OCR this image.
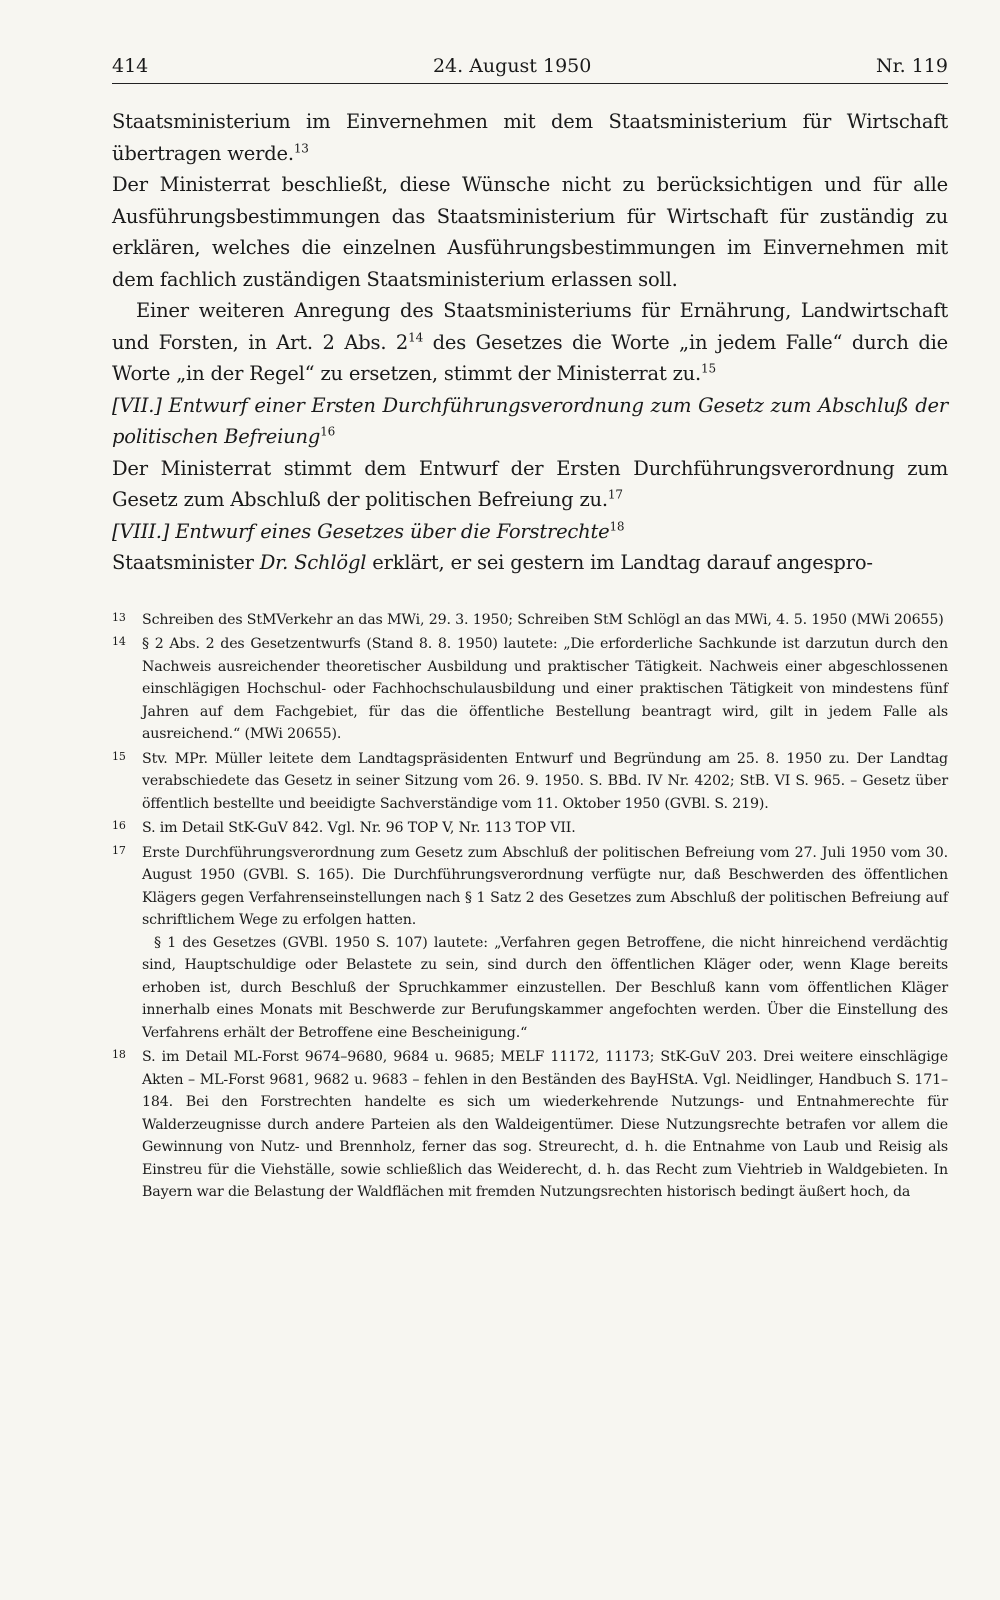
414	24. August 1950	Nr. 119

Staatsministerium im Einvernehmen mit dem Staatsministerium für Wirtschaft übertragen werde.$^{13}$

Der Ministerrat beschließt, diese Wünsche nicht zu berücksichtigen und für alle Ausführungsbestimmungen das Staatsministerium für Wirtschaft für zuständig zu erklären, welches die einzelnen Ausführungsbestimmungen im Einvernehmen mit dem fachlich zuständigen Staatsministerium erlassen soll.

Einer weiteren Anregung des Staatsministeriums für Ernährung, Landwirtschaft und Forsten, in Art. 2 Abs. $2^{14}$ des Gesetzes die Worte „in jedem Falle“ durch die Worte „in der Regel“ zu ersetzen, stimmt der Ministerrat zu.$^{15}$

[VII.] Entwurf einer Ersten Durchführungsverordnung zum Gesetz zum Abschluß der politischen Befreiung$^{16}$

Der Ministerrat stimmt dem Entwurf der Ersten Durchführungsverordnung zum Gesetz zum Abschluß der politischen Befreiung zu.$^{17}$

[VIII.] Entwurf eines Gesetzes über die Forstrechte$^{18}$

Staatsminister Dr. Schlögl erklärt, er sei gestern im Landtag darauf angespro-

13	Schreiben des StMVerkehr an das MWi, 29. 3. 1950; Schreiben StM Schlögl an das MWi, 4. 5. 1950 (MWi 20655)

14	§ 2 Abs. 2 des Gesetzentwurfs (Stand 8. 8. 1950) lautete: „Die erforderliche Sachkunde ist darzutun durch den Nachweis ausreichender theoretischer Ausbildung und praktischer Tätigkeit. Nachweis einer abgeschlossenen einschlägigen Hochschul- oder Fachhochschulausbildung und einer praktischen Tätigkeit von mindestens fünf Jahren auf dem Fachgebiet, für das die öffentliche Bestellung beantragt wird, gilt in jedem Falle als ausreichend.“ (MWi 20655).

15	Stv. MPr. Müller leitete dem Landtagspräsidenten Entwurf und Begründung am 25. 8. 1950 zu. Der Landtag verabschiedete das Gesetz in seiner Sitzung vom 26. 9. 1950. S. BBd. IV Nr. 4202; StB. VI S. 965. – Gesetz über öffentlich bestellte und beeidigte Sachverständige vom 11. Oktober 1950 (GVBl. S. 219).

16	S. im Detail StK-GuV 842. Vgl. Nr. 96 TOP V, Nr. 113 TOP VII.

17	Erste Durchführungsverordnung zum Gesetz zum Abschluß der politischen Befreiung vom 27. Juli 1950 vom 30. August 1950 (GVBl. S. 165). Die Durchführungsverordnung verfügte nur, daß Beschwerden des öffentlichen Klägers gegen Verfahrenseinstellungen nach § 1 Satz 2 des Gesetzes zum Abschluß der politischen Befreiung auf schriftlichem Wege zu erfolgen hatten.

§ 1 des Gesetzes (GVBl. 1950 S. 107) lautete: „Verfahren gegen Betroffene, die nicht hinreichend verdächtig sind, Hauptschuldige oder Belastete zu sein, sind durch den öffentlichen Kläger oder, wenn Klage bereits erhoben ist, durch Beschluß der Spruchkammer einzustellen. Der Beschluß kann vom öffentlichen Kläger innerhalb eines Monats mit Beschwerde zur Berufungskammer angefochten werden. Über die Einstellung des Verfahrens erhält der Betroffene eine Bescheinigung.“

18	S. im Detail ML-Forst 9674–9680, 9684 u. 9685; MELF 11172, 11173; StK-GuV 203. Drei weitere einschlägige Akten – ML-Forst 9681, 9682 u. 9683 – fehlen in den Beständen des BayHStA. Vgl. Neidlinger, Handbuch S. 171–184. Bei den Forstrechten handelte es sich um wiederkehrende Nutzungs- und Entnahmerechte für Walderzeugnisse durch andere Parteien als den Waldeigentümer. Diese Nutzungsrechte betrafen vor allem die Gewinnung von Nutz- und Brennholz, ferner das sog. Streurecht, d. h. die Entnahme von Laub und Reisig als Einstreu für die Viehställe, sowie schließlich das Weiderecht, d. h. das Recht zum Viehtrieb in Waldgebieten. In Bayern war die Belastung der Waldflächen mit fremden Nutzungsrechten historisch bedingt äußert hoch, da
